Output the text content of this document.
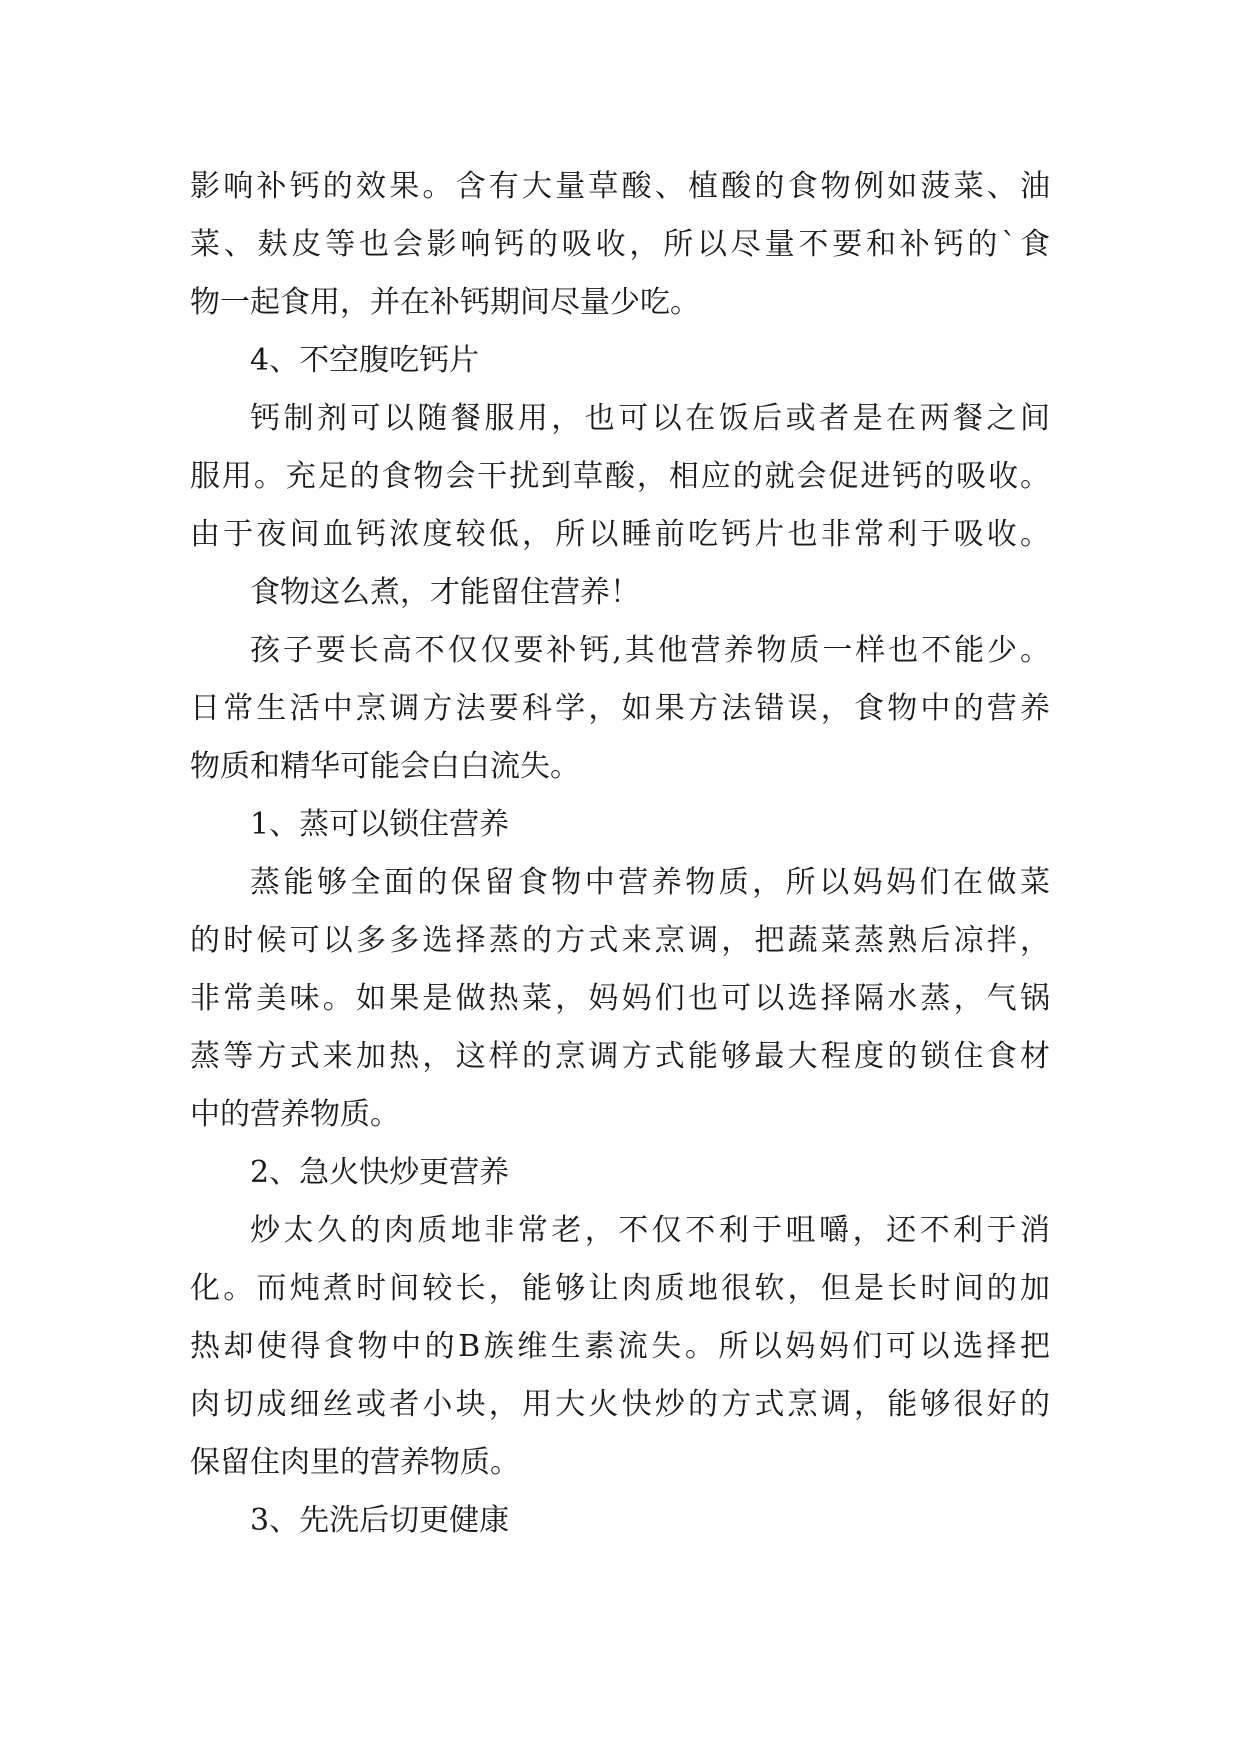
影响补钙的效果。含有大量草酸、植酸的食物例如菠菜、油
菜、麸皮等也会影响钙的吸收，所以尽量不要和补钙的`食
物一起食用，并在补钙期间尽量少吃。
4、不空腹吃钙片
钙制剂可以随餐服用，也可以在饭后或者是在两餐之间
服用。充足的食物会干扰到草酸，相应的就会促进钙的吸收。
由于夜间血钙浓度较低，所以睡前吃钙片也非常利于吸收。
食物这么煮，才能留住营养！
孩子要长高不仅仅要补钙,其他营养物质一样也不能少。
日常生活中烹调方法要科学，如果方法错误，食物中的营养
物质和精华可能会白白流失。
1、蒸可以锁住营养
蒸能够全面的保留食物中营养物质，所以妈妈们在做菜
的时候可以多多选择蒸的方式来烹调，把蔬菜蒸熟后凉拌，
非常美味。如果是做热菜，妈妈们也可以选择隔水蒸，气锅
蒸等方式来加热，这样的烹调方式能够最大程度的锁住食材
中的营养物质。
2、急火快炒更营养
炒太久的肉质地非常老，不仅不利于咀嚼，还不利于消
化。而炖煮时间较长，能够让肉质地很软，但是长时间的加
热却使得食物中的B族维生素流失。所以妈妈们可以选择把
肉切成细丝或者小块，用大火快炒的方式烹调，能够很好的
保留住肉里的营养物质。
3、先洗后切更健康
